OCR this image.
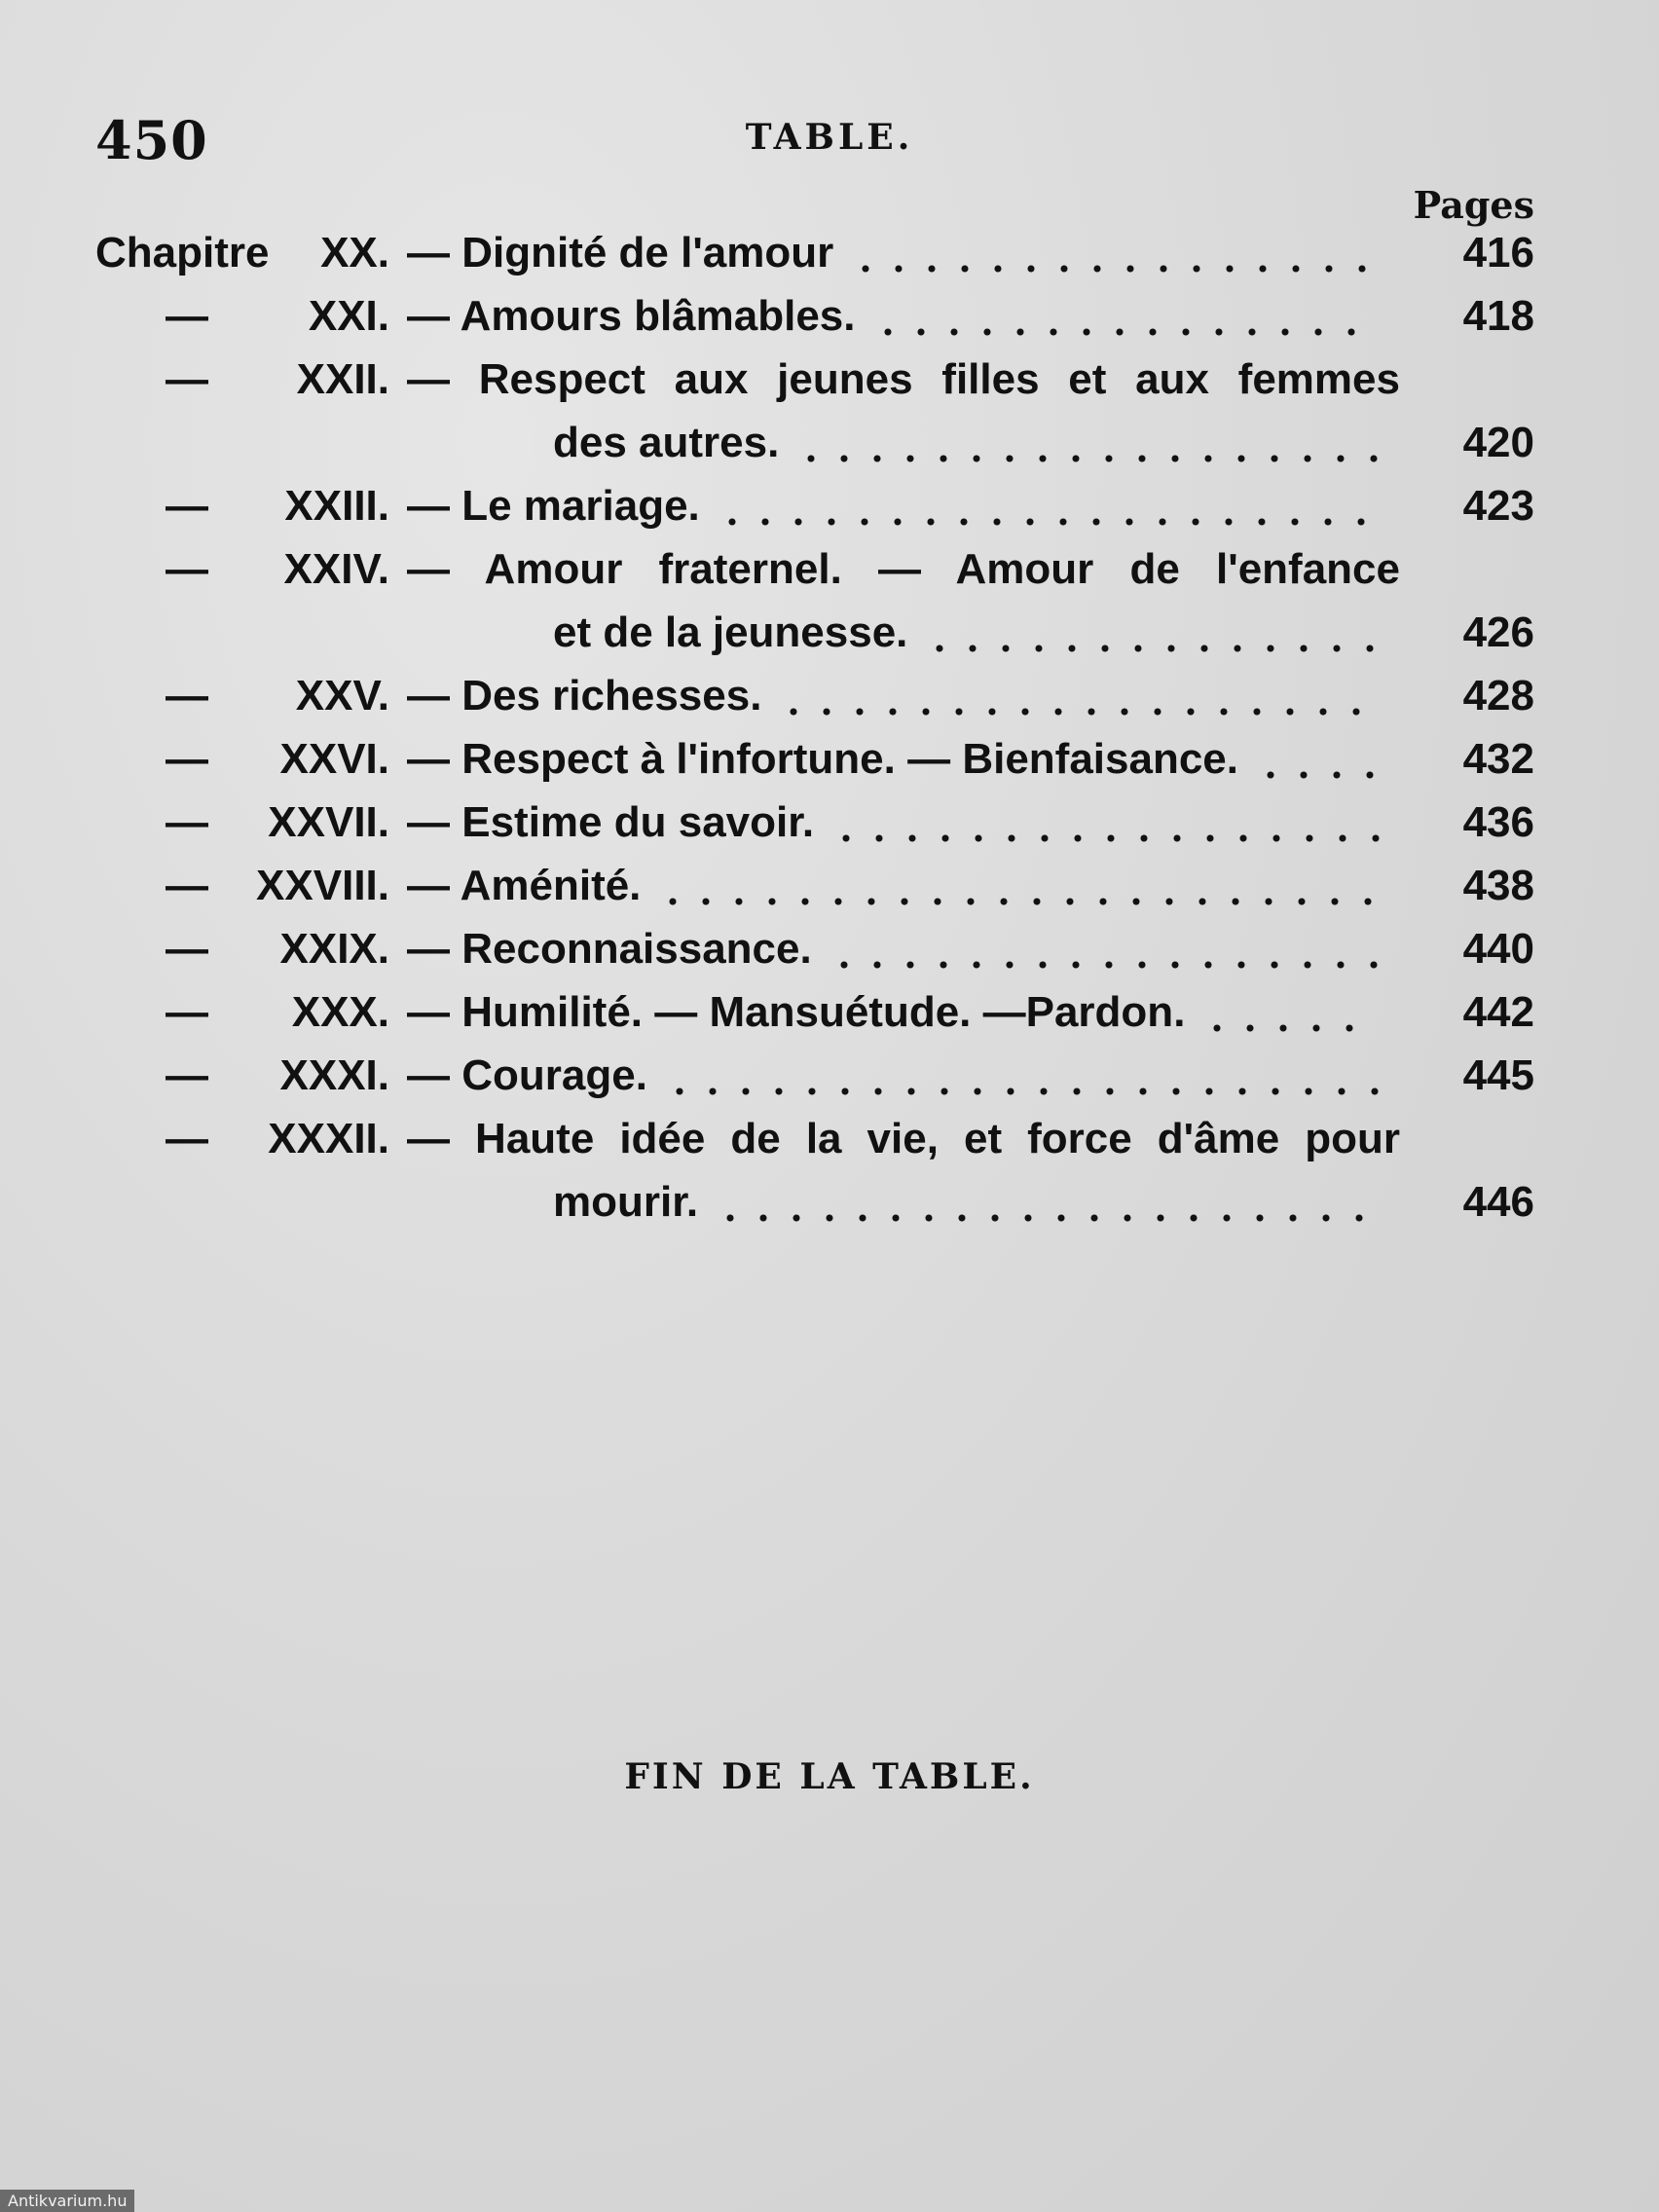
450	TABLE.
Pages
Chapitre	XX. — Dignité de l'amour	416
—	XXI. — Amours blâmables.	418
—	XXII. — Respect aux jeunes filles et aux femmes
des autres.	420
—	XXIII. — Le mariage.	423
—	XXIV. — Amour fraternel. — Amour de l'enfance
et de la jeunesse.	426
—	XXV. — Des richesses.	428
—	XXVI. — Respect à l'infortune. — Bienfaisance.	432
—	XXVII. — Estime du savoir.	436
—	XXVIII. — Aménité.	438
—	XXIX. — Reconnaissance.	440
—	XXX. — Humilité. — Mansuétude. —Pardon.	442
—	XXXI. — Courage.	445
—	XXXII. — Haute idée de la vie, et force d'âme pour
mourir.	446
FIN DE LA TABLE.
Antikvarium.hu
